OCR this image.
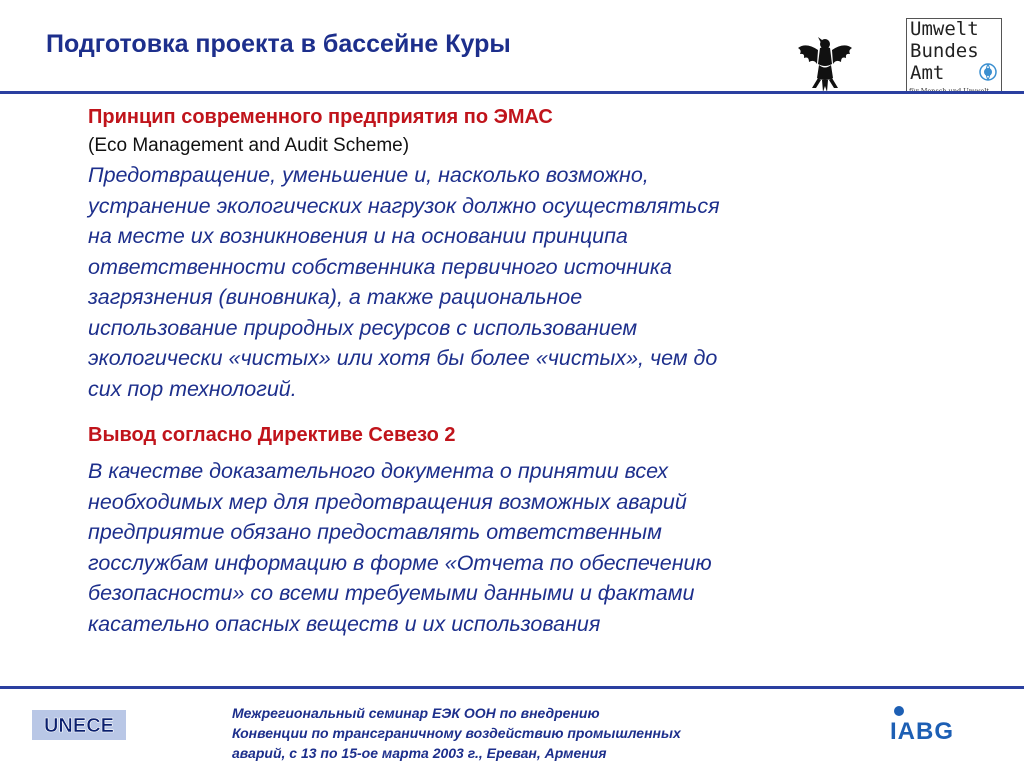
Подготовка проекта в бассейне Куры
Umwelt
Bundes
Amt
Принцип современного предприятия по ЭМАС
(Eco Management and Audit Scheme)
Предотвращение, уменьшение и, насколько возможно,
устранение экологических нагрузок должно осуществляться
на месте их возникновения и на основании принципа
ответственности собственника первичного источника
загрязнения (виновника), а также рациональное
использование природных ресурсов с использованием
экологически «чистых» или хотя бы более «чистых», чем до
сих пор технологий.
Вывод согласно Директиве Севезо 2
В качестве доказательного документа о принятии всех
необходимых мер для предотвращения возможных аварий
предприятие обязано предоставлять ответственным
госслужбам информацию в форме «Отчета по обеспечению
безопасности» со всеми требуемыми данными и фактами
касательно опасных веществ и их использования
UNECE
Межрегиональный семинар ЕЭК ООН по внедрению
Конвенции по трансграничному воздействию промышленных
аварий, с 13 по 15-ое марта 2003 г., Ереван, Армения
IABG
